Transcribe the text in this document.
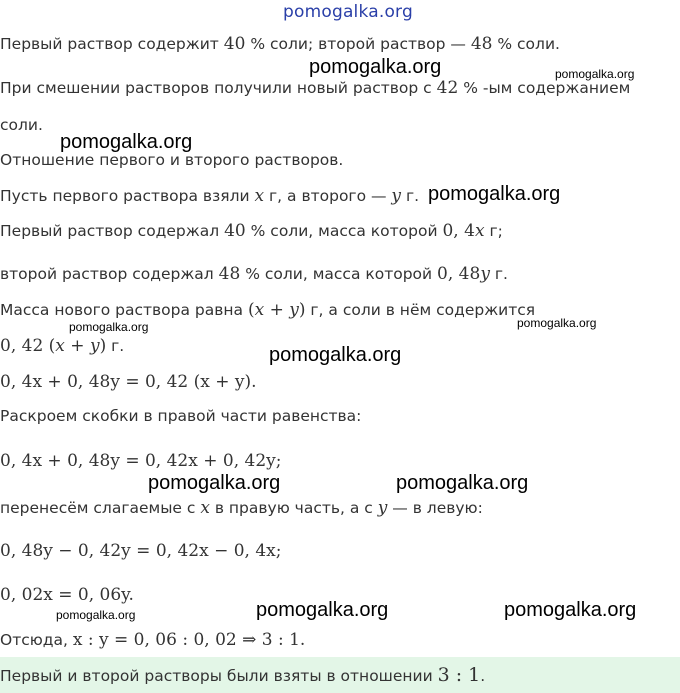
pomogalka.org
Первый раствор содержит 40 % соли; второй раствор — 48 % соли.
pomogalka.org	pomogalka.org
При смешении растворов получили новый раствор с 42 % -ым содержанием
соли.
pomogalka.org
Отношение первого и второго растворов.
Пусть первого раствора взяли x г, а второго — y г. pomogalka.org
Первый раствор содержал 40 % соли, масса которой 0, 4x г;
второй раствор содержал 48 % соли, масса которой 0, 48y г.
Масса нового раствора равна (x + y) г, а соли в нём содержится
pomogalka.org	pomogalka.org
0, 42 (x + y) г.	pomogalka.org
0, 4x + 0, 48y = 0, 42 (x + y).
Раскроем скобки в правой части равенства:
0, 4x + 0, 48y = 0, 42x + 0, 42y;
pomogalka.org	pomogalka.org
перенесём слагаемые с x в правую часть, а с y — в левую:
0, 48y − 0, 42y = 0, 42x − 0, 4x;
0, 02x = 0, 06y.
pomogalka.org	pomogalka.org	pomogalka.org
Отсюда, x : y = 0, 06 : 0, 02 ⇒ 3 : 1.
Первый и второй растворы были взяты в отношении 3 : 1.
